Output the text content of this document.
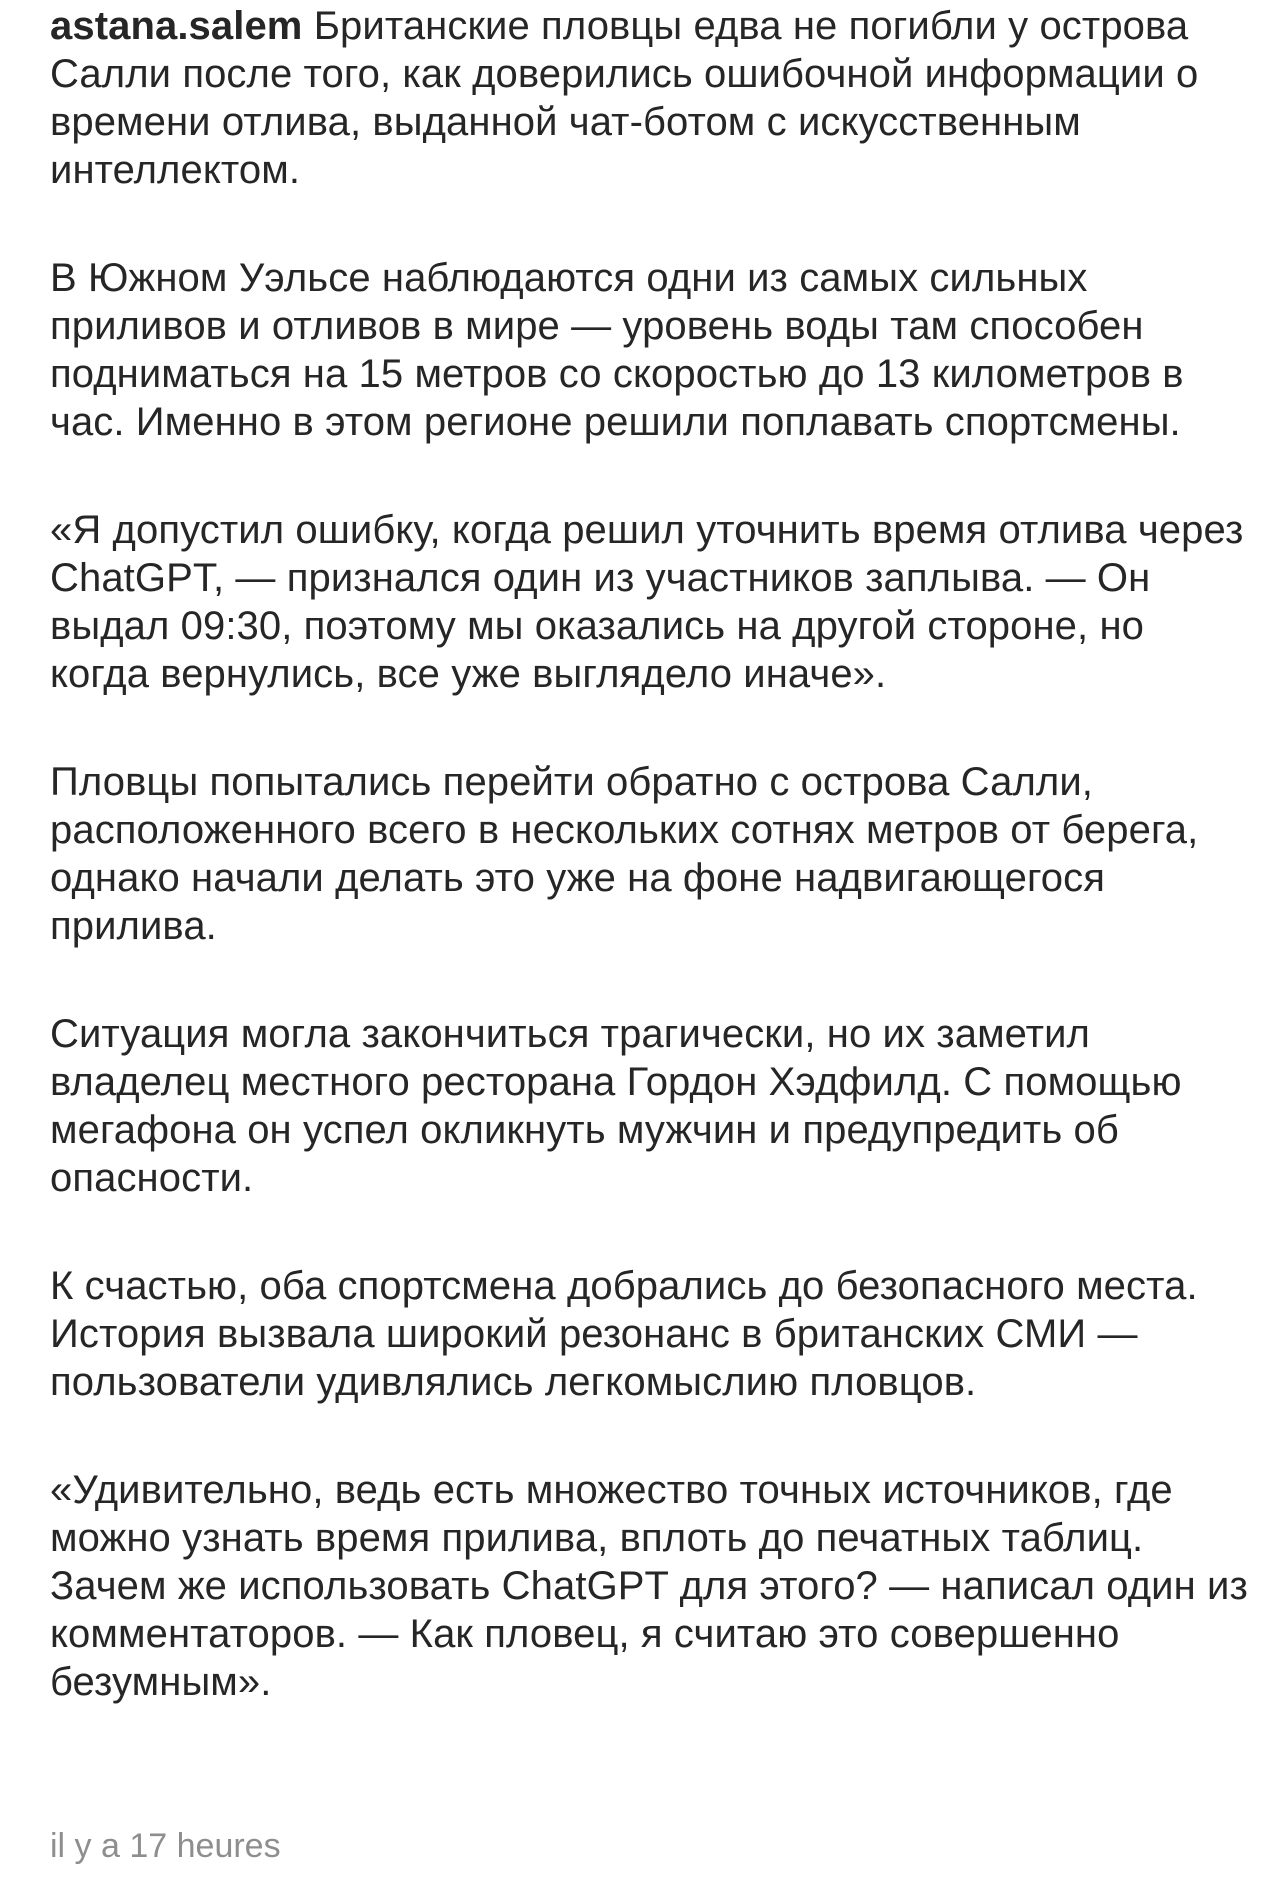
astana.salem Британские пловцы едва не погибли у острова Салли после того, как доверились ошибочной информации о времени отлива, выданной чат-ботом с искусственным интеллектом.

В Южном Уэльсе наблюдаются одни из самых сильных приливов и отливов в мире — уровень воды там способен подниматься на 15 метров со скоростью до 13 километров в час. Именно в этом регионе решили поплавать спортсмены.

«Я допустил ошибку, когда решил уточнить время отлива через ChatGPT, — признался один из участников заплыва. — Он выдал 09:30, поэтому мы оказались на другой стороне, но когда вернулись, все уже выглядело иначе».

Пловцы попытались перейти обратно с острова Салли, расположенного всего в нескольких сотнях метров от берега, однако начали делать это уже на фоне надвигающегося прилива.

Ситуация могла закончиться трагически, но их заметил владелец местного ресторана Гордон Хэдфилд. С помощью мегафона он успел окликнуть мужчин и предупредить об опасности.

К счастью, оба спортсмена добрались до безопасного места. История вызвала широкий резонанс в британских СМИ — пользователи удивлялись легкомыслию пловцов.

«Удивительно, ведь есть множество точных источников, где можно узнать время прилива, вплоть до печатных таблиц. Зачем же использовать ChatGPT для этого? — написал один из комментаторов. — Как пловец, я считаю это совершенно безумным».

il y a 17 heures
